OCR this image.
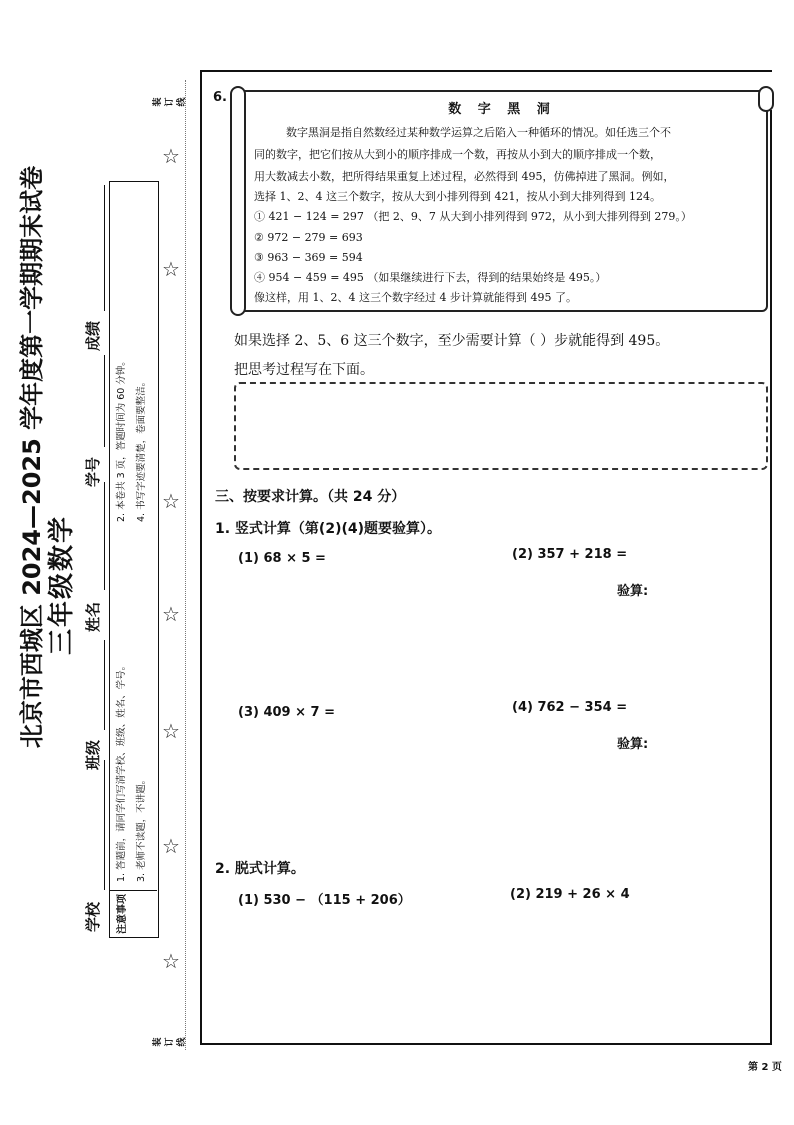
北京市西城区 2024—2025 学年度第一学期期末试卷 三年级数学
学校
班级
姓名
学号
成绩
注意事项
1. 答题前，请同学们写清学校、班级、姓名、学号。 3. 老师不读题，不讲题。
2. 本卷共 3 页，答题时间为 60 分钟。 4. 书写字迹要清楚，卷面要整洁。
装订线
☆
☆
☆
☆
☆
☆
☆
装订线
6.
数 字 黑 洞
数字黑洞是指自然数经过某种数学运算之后陷入一种循环的情况。如任选三个不
同的数字，把它们按从大到小的顺序排成一个数，再按从小到大的顺序排成一个数，
用大数减去小数，把所得结果重复上述过程，必然得到 495，仿佛掉进了黑洞。例如，
选择 1、2、4 这三个数字，按从大到小排列得到 421，按从小到大排列得到 124。
① 421 − 124 = 297 （把 2、9、7 从大到小排列得到 972，从小到大排列得到 279。）
② 972 − 279 = 693
③ 963 − 369 = 594
④ 954 − 459 = 495 （如果继续进行下去，得到的结果始终是 495。）
像这样，用 1、2、4 这三个数字经过 4 步计算就能得到 495 了。
如果选择 2、5、6 这三个数字，至少需要计算（ ）步就能得到 495。
把思考过程写在下面。
三、按要求计算。（共 24 分）
1. 竖式计算（第(2)(4)题要验算）。
(1) 68 × 5 =	(2) 357 + 218 =
验算:
(3) 409 × 7 =	(4) 762 − 354 =
验算:
2. 脱式计算。
(1) 530 − （115 + 206）	(2) 219 + 26 × 4
第 2 页
